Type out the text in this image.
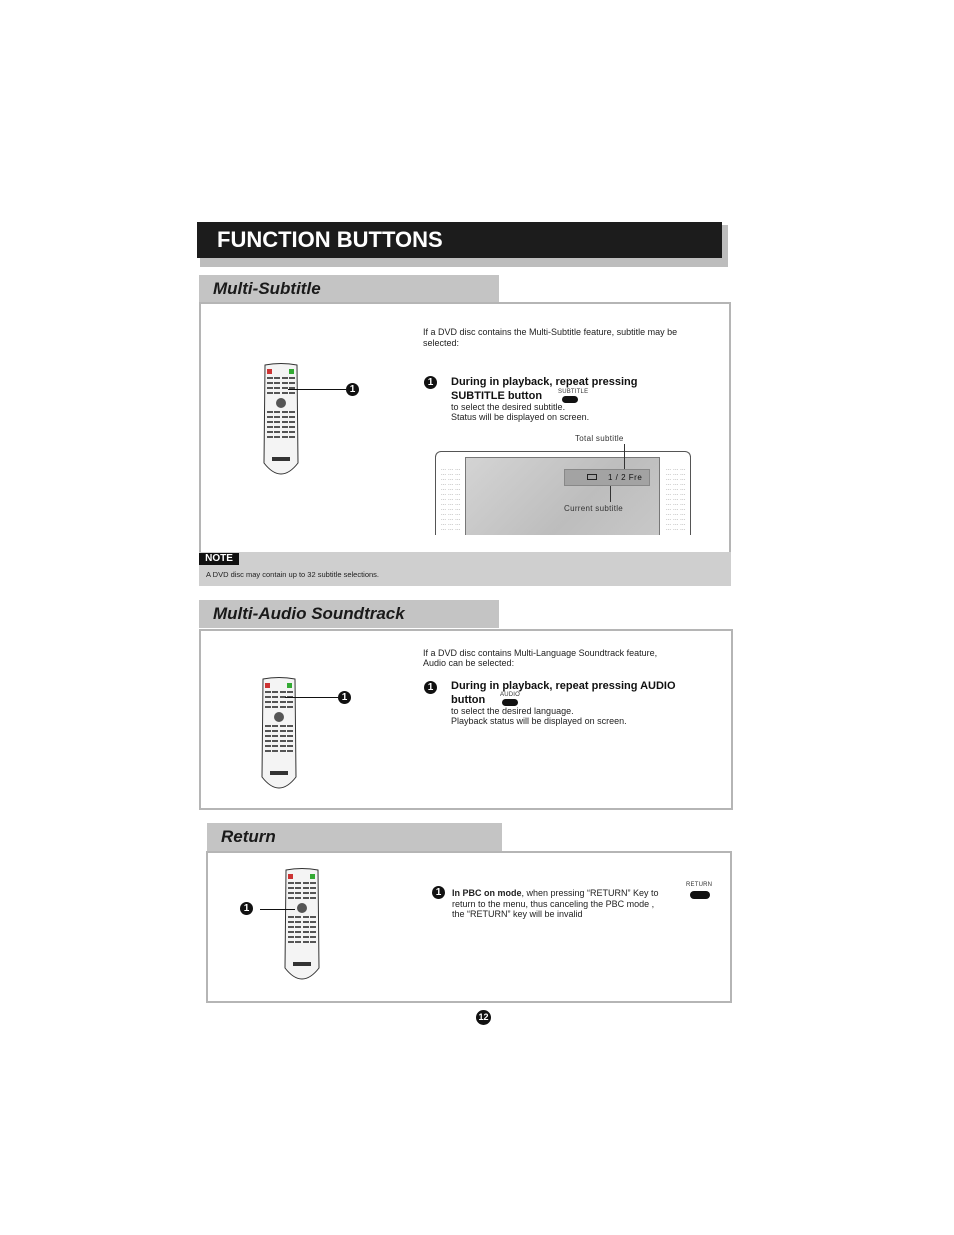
FUNCTION BUTTONS
Multi-Subtitle
1
If a DVD disc contains the Multi-Subtitle feature, subtitle may be selected:
1	During in playback, repeat pressing
SUBTITLE button	SUBTITLE
to select the desired subtitle.
Status will be displayed on screen.
Total subtitle
--- --- ---
--- --- ---
--- --- ---
--- --- ---
--- --- ---
--- --- ---
--- --- ---
--- --- ---
--- --- ---
--- --- ---
--- --- ---
--- --- ---
--- --- ---
--- --- ---
--- --- ---
--- --- ---
--- --- ---
--- --- ---
--- --- ---
--- --- ---
--- --- ---
--- --- ---
--- --- ---
--- --- ---
--- --- ---
--- --- ---
1 / 2 Fre
Current subtitle
NOTE
A DVD disc may contain up to 32 subtitle selections.
Multi-Audio Soundtrack
1
If a DVD disc contains Multi-Language Soundtrack feature,
Audio can be selected:
1	During in playback, repeat pressing AUDIO
button AUDIO
to select the desired language.
Playback status will be displayed on screen.
Return
1
1	In PBC on mode, when pressing “RETURN” Key to
return to the menu, thus canceling the PBC mode ,
the “RETURN” key will be invalid
RETURN
12
